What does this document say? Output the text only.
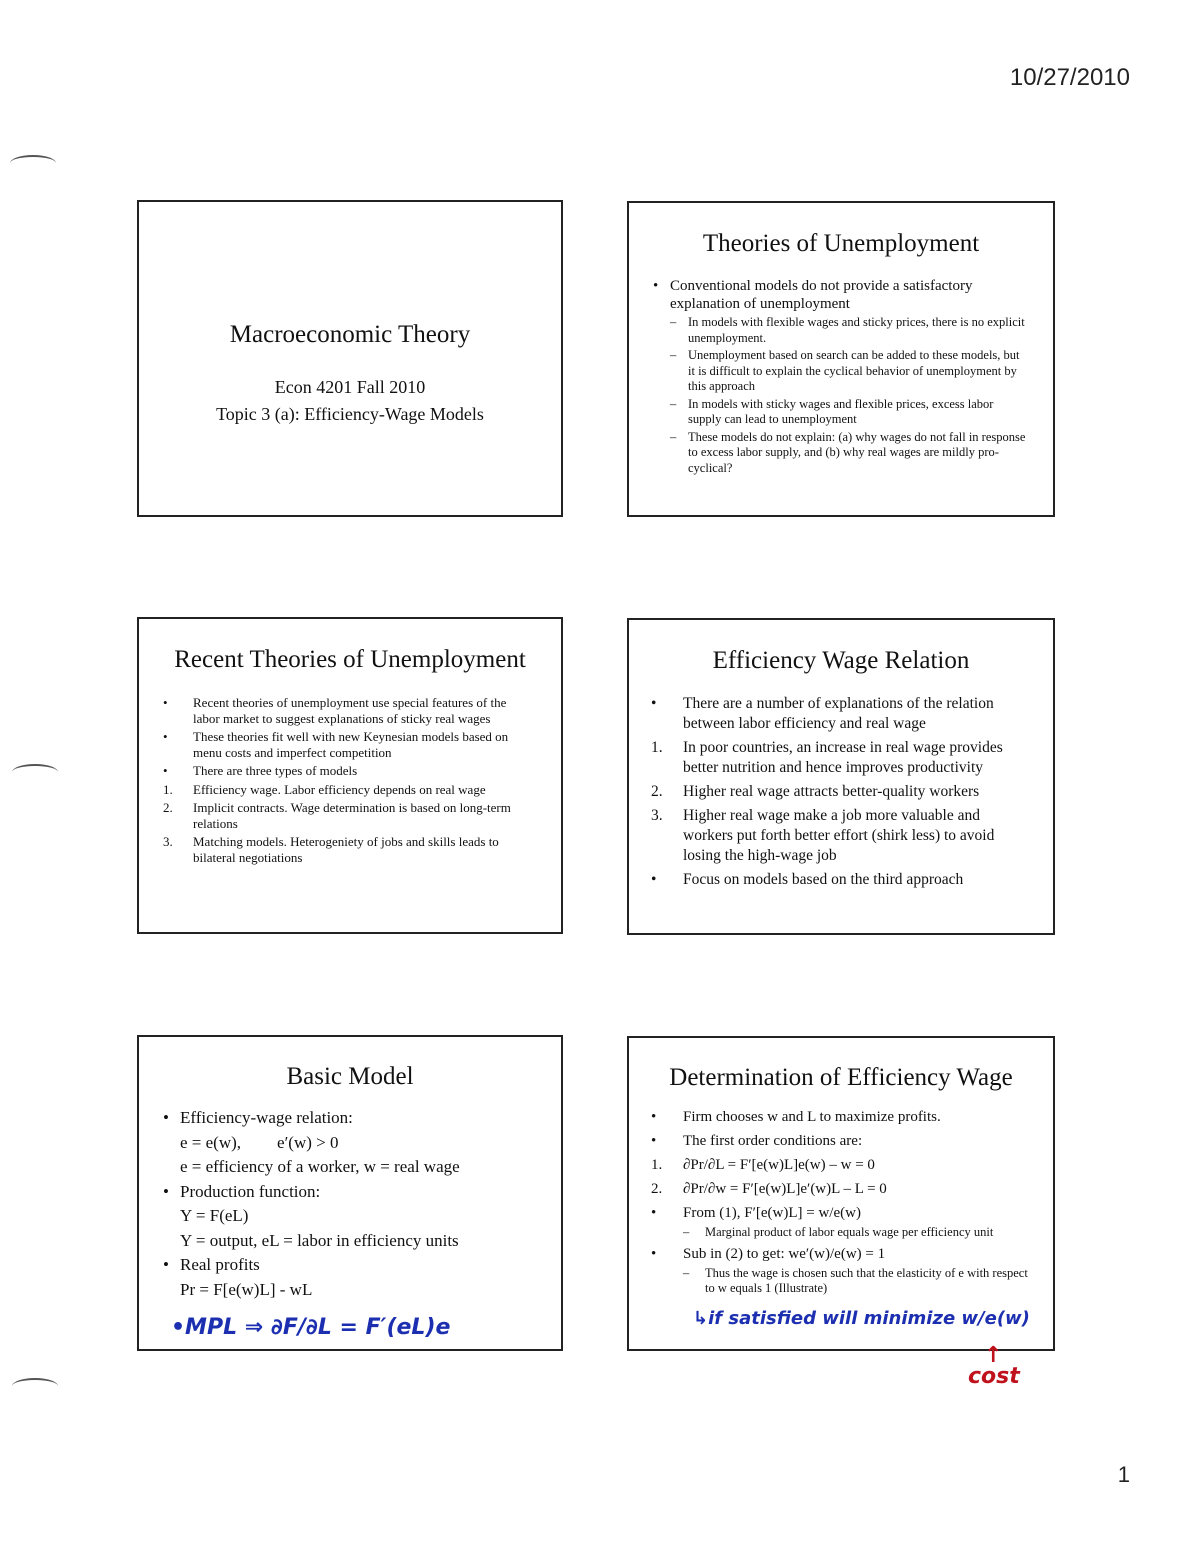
10/27/2010
Macroeconomic Theory
Econ 4201 Fall 2010
Topic 3 (a): Efficiency-Wage Models
Theories of Unemployment
• Conventional models do not provide a satisfactory explanation of unemployment
– In models with flexible wages and sticky prices, there is no explicit unemployment.
– Unemployment based on search can be added to these models, but it is difficult to explain the cyclical behavior of unemployment by this approach
– In models with sticky wages and flexible prices, excess labor supply can lead to unemployment
– These models do not explain: (a) why wages do not fall in response to excess labor supply, and (b) why real wages are mildly pro-cyclical?
Recent Theories of Unemployment
• Recent theories of unemployment use special features of the labor market to suggest explanations of sticky real wages
• These theories fit well with new Keynesian models based on menu costs and imperfect competition
• There are three types of models
1. Efficiency wage. Labor efficiency depends on real wage
2. Implicit contracts. Wage determination is based on long-term relations
3. Matching models. Heterogeniety of jobs and skills leads to bilateral negotiations
Efficiency Wage Relation
• There are a number of explanations of the relation between labor efficiency and real wage
1. In poor countries, an increase in real wage provides better nutrition and hence improves productivity
2. Higher real wage attracts better-quality workers
3. Higher real wage make a job more valuable and workers put forth better effort (shirk less) to avoid losing the high-wage job
• Focus on models based on the third approach
Basic Model
• Efficiency-wage relation:
e = e(w), e′(w) > 0
e = efficiency of a worker, w = real wage
• Production function:
Y = F(eL)
Y = output, eL = labor in efficiency units
• Real profits
Pr = F[e(w)L] - wL
•MPL ⇒ ∂F/∂L = F′(eL)e
Determination of Efficiency Wage
• Firm chooses w and L to maximize profits.
• The first order conditions are:
1. ∂Pr/∂L = F′[e(w)L]e(w) – w = 0
2. ∂Pr/∂w = F′[e(w)L]e′(w)L – L = 0
• From (1), F′[e(w)L] = w/e(w)
– Marginal product of labor equals wage per efficiency unit
• Sub in (2) to get: we′(w)/e(w) = 1
– Thus the wage is chosen such that the elasticity of e with respect to w equals 1 (Illustrate)
↳if satisfied will minimize w/e(w)
↑
cost
1
